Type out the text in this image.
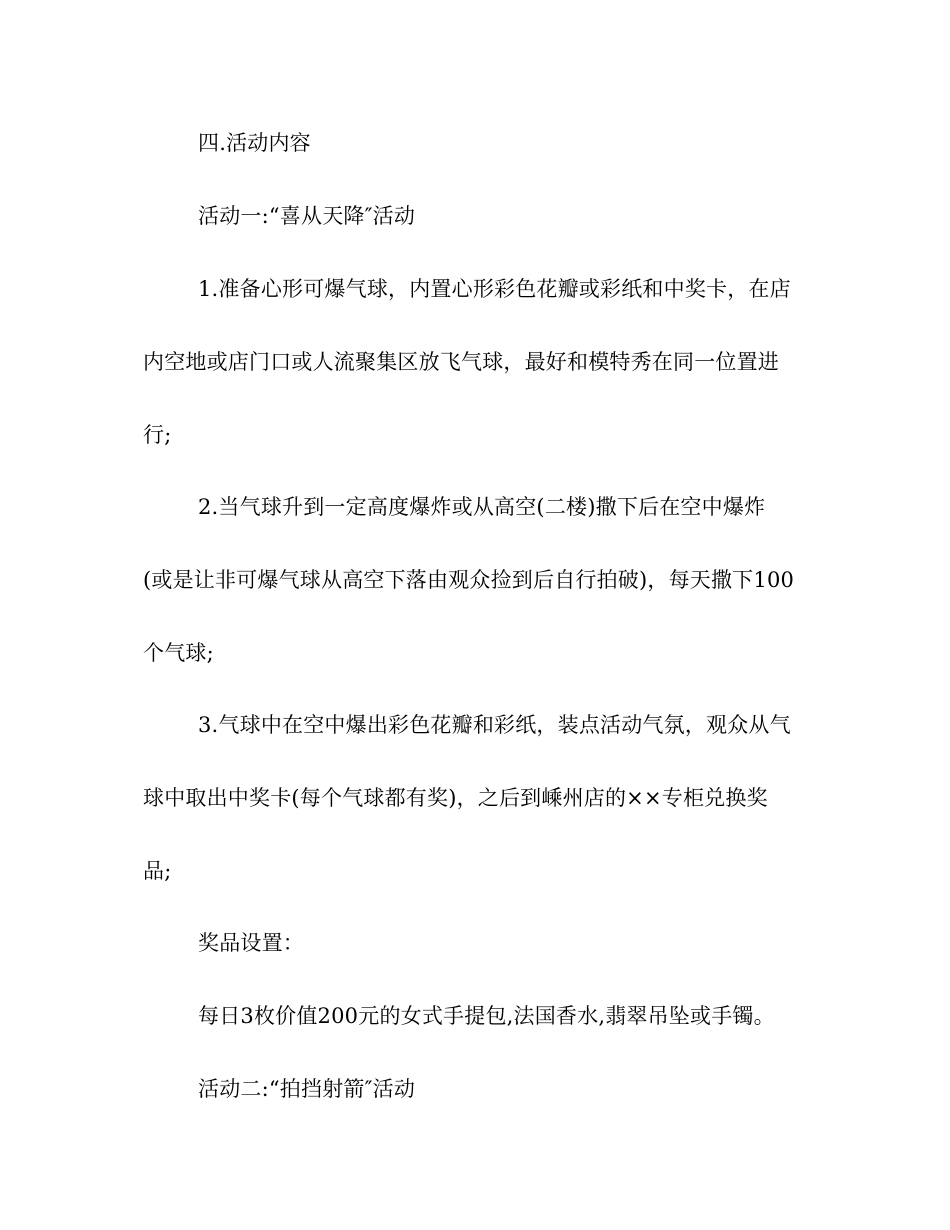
四.活动内容
活动一:“喜从天降″活动
1.准备心形可爆气球，内置心形彩色花瓣或彩纸和中奖卡，在店
内空地或店门口或人流聚集区放飞气球，最好和模特秀在同一位置进
行;
2.当气球升到一定高度爆炸或从高空(二楼)撒下后在空中爆炸
(或是让非可爆气球从高空下落由观众捡到后自行拍破)，每天撒下100
个气球;
3.气球中在空中爆出彩色花瓣和彩纸，装点活动气氛，观众从气
球中取出中奖卡(每个气球都有奖)，之后到嵊州店的××专柜兑换奖
品;
奖品设置：
每日3枚价值200元的女式手提包,法国香水,翡翠吊坠或手镯。
活动二:“拍挡射箭″活动
